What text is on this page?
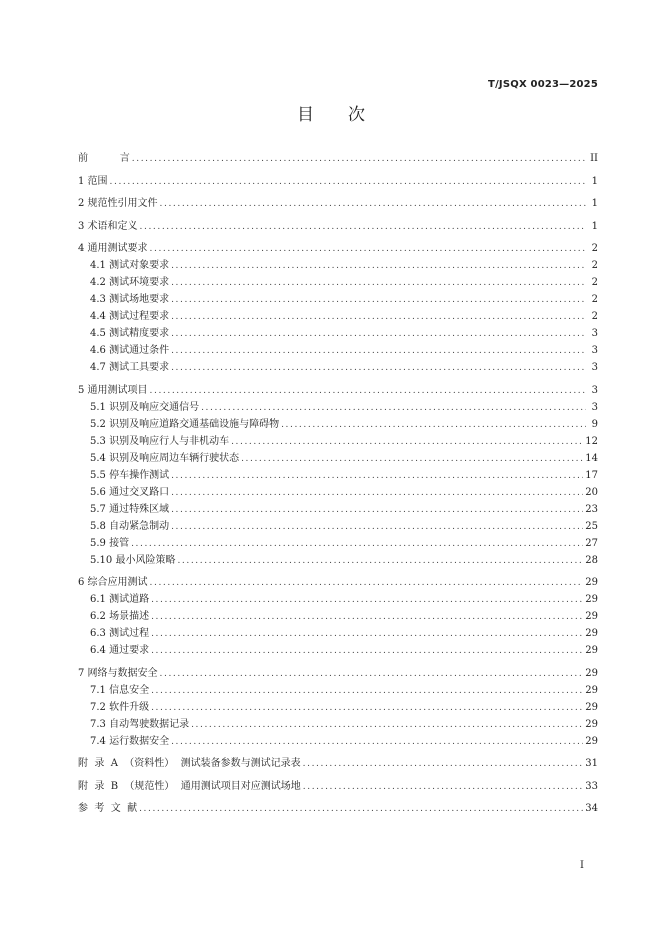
T/JSQX 0023—2025
目 次
前          言 .....	II
1 范围 .....	1
2 规范性引用文件 .....	1
3 术语和定义 .....	1
4 通用测试要求 .....	2
4.1 测试对象要求 .....	2
4.2 测试环境要求 .....	2
4.3 测试场地要求 .....	2
4.4 测试过程要求 .....	2
4.5 测试精度要求 .....	3
4.6 测试通过条件 .....	3
4.7 测试工具要求 .....	3
5 通用测试项目 .....	3
5.1 识别及响应交通信号 .....	3
5.2 识别及响应道路交通基础设施与障碍物 .....	9
5.3 识别及响应行人与非机动车 .....	12
5.4 识别及响应周边车辆行驶状态 .....	14
5.5 停车操作测试 .....	17
5.6 通过交叉路口 .....	20
5.7 通过特殊区域 .....	23
5.8 自动紧急制动 .....	25
5.9 接管 .....	27
5.10 最小风险策略 .....	28
6 综合应用测试 .....	29
6.1 测试道路 .....	29
6.2 场景描述 .....	29
6.3 测试过程 .....	29
6.4 通过要求 .....	29
7 网络与数据安全 .....	29
7.1 信息安全 .....	29
7.2 软件升级 .....	29
7.3 自动驾驶数据记录 .....	29
7.4 运行数据安全 .....	29
附  录  A  （资料性）  测试装备参数与测试记录表 .....	31
附  录  B  （规范性）  通用测试项目对应测试场地 .....	33
参  考  文  献 .....	34
I
